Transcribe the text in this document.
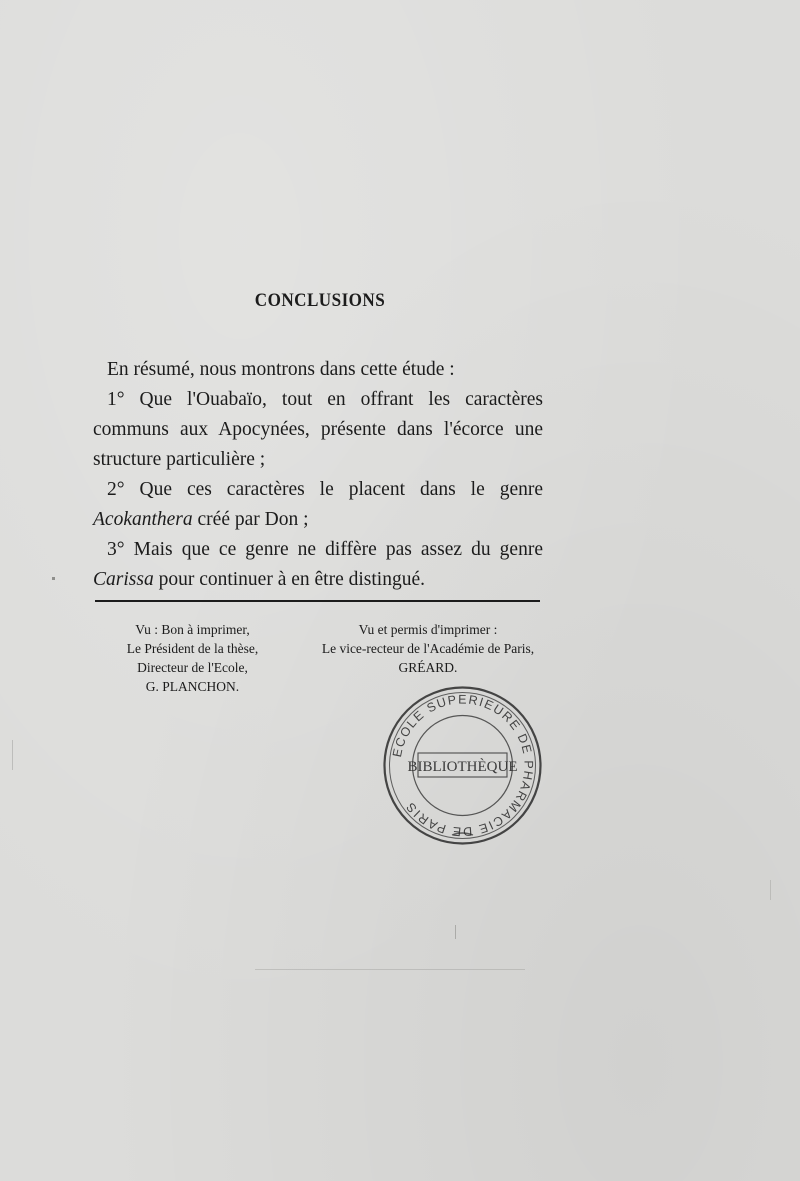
CONCLUSIONS

En résumé, nous montrons dans cette étude :

1° Que l'Ouabaïo, tout en offrant les caractères communs aux Apocynées, présente dans l'écorce une structure particulière ;

2° Que ces caractères le placent dans le genre Acokanthera créé par Don ;

3° Mais que ce genre ne diffère pas assez du genre Carissa pour continuer à en être distingué.

Vu : Bon à imprimer,
Le Président de la thèse,
Directeur de l'Ecole,
G. PLANCHON.
Vu et permis d'imprimer :
Le vice-recteur de l'Académie de Paris,
GRÉARD.
ECOLE SUPERIEURE DE PHARMACIE DE PARIS
BIBLIOTHÈQUE
